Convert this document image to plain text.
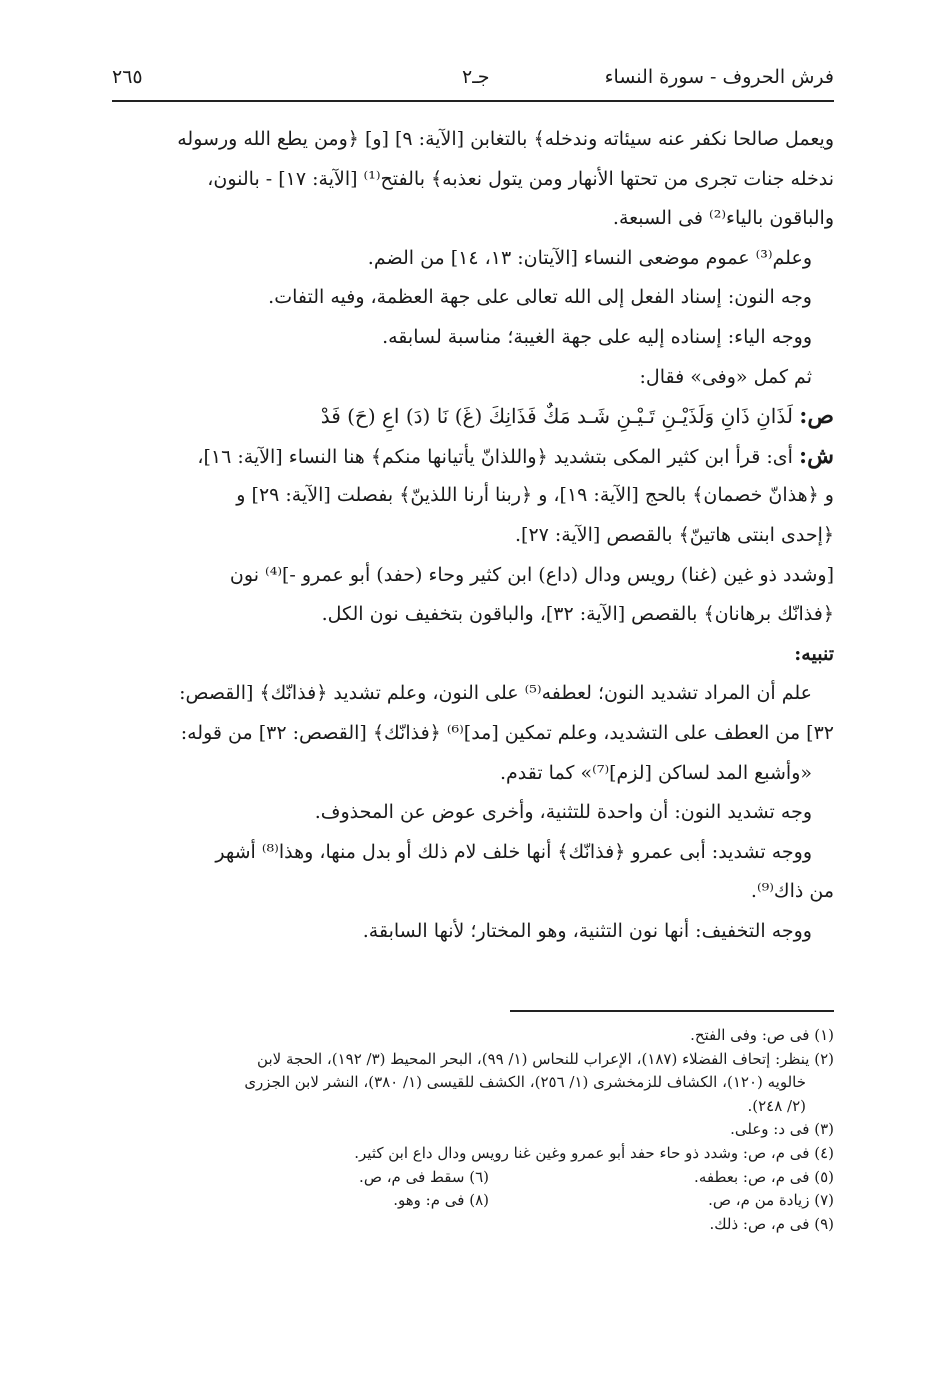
فرش الحروف - سورة النساء
جـ٢
٢٦٥
ويعمل صالحا نكفر عنه سيئاته وندخله﴾ بالتغابن [الآية: ٩] [و] ﴿ومن يطع الله ورسوله
ندخله جنات تجرى من تحتها الأنهار ومن يتول نعذبه﴾ بالفتح⁽¹⁾ [الآية: ١٧] - بالنون،
والباقون بالياء⁽²⁾ فى السبعة.
وعلم⁽³⁾ عموم موضعى النساء [الآيتان: ١٣، ١٤] من الضم.
وجه النون: إسناد الفعل إلى الله تعالى على جهة العظمة، وفيه التفات.
ووجه الياء: إسناده إليه على جهة الغيبة؛ مناسبة لسابقه.
ثم كمل «وفى» فقال:
ص: لَذَانِ ذَانِ وَلَذَيْـنِ تَـيْـنِ شَـد مَكٌ فَذَانِكَ (غَ) نَا (دَ) اعِ (حَ) فَدْ
ش: أى: قرأ ابن كثير المكى بتشديد ﴿واللذانّ يأتيانها منكم﴾ هنا النساء [الآية: ١٦]،
و ﴿هذانّ خصمان﴾ بالحج [الآية: ١٩]، و ﴿ربنا أرنا اللذينّ﴾ بفصلت [الآية: ٢٩] و
﴿إحدى ابنتى هاتينّ﴾ بالقصص [الآية: ٢٧].
[وشدد ذو غين (غنا) رويس ودال (داع) ابن كثير وحاء (حفد) أبو عمرو -]⁽⁴⁾ نون
﴿فذانّك برهانان﴾ بالقصص [الآية: ٣٢]، والباقون بتخفيف نون الكل.
تنبيه:
علم أن المراد تشديد النون؛ لعطفه⁽⁵⁾ على النون، وعلم تشديد ﴿فذانّك﴾ [القصص:
٣٢] من العطف على التشديد، وعلم تمكين [مد]⁽⁶⁾ ﴿فذانّك﴾ [القصص: ٣٢] من قوله:
«وأشبع المد لساكن [لزم]⁽⁷⁾» كما تقدم.
وجه تشديد النون: أن واحدة للتثنية، وأخرى عوض عن المحذوف.
ووجه تشديد: أبى عمرو ﴿فذانّك﴾ أنها خلف لام ذلك أو بدل منها، وهذا⁽⁸⁾ أشهر
من ذاك⁽⁹⁾.
ووجه التخفيف: أنها نون التثنية، وهو المختار؛ لأنها السابقة.
(١) فى ص: وفى الفتح.
(٢) ينظر: إتحاف الفضلاء (١٨٧)، الإعراب للنحاس (١/ ٩٩)، البحر المحيط (٣/ ١٩٢)، الحجة لابن
خالويه (١٢٠)، الكشاف للزمخشرى (١/ ٢٥٦)، الكشف للقيسى (١/ ٣٨٠)، النشر لابن الجزرى
(٢/ ٢٤٨).
(٣) فى د: وعلى.
(٤) فى م، ص: وشدد ذو حاء حفد أبو عمرو وغين غنا رويس ودال داع ابن كثير.
(٥) فى م، ص: بعطفه.
(٦) سقط فى م، ص.
(٧) زيادة من م، ص.
(٨) فى م: وهو.
(٩) فى م، ص: ذلك.
